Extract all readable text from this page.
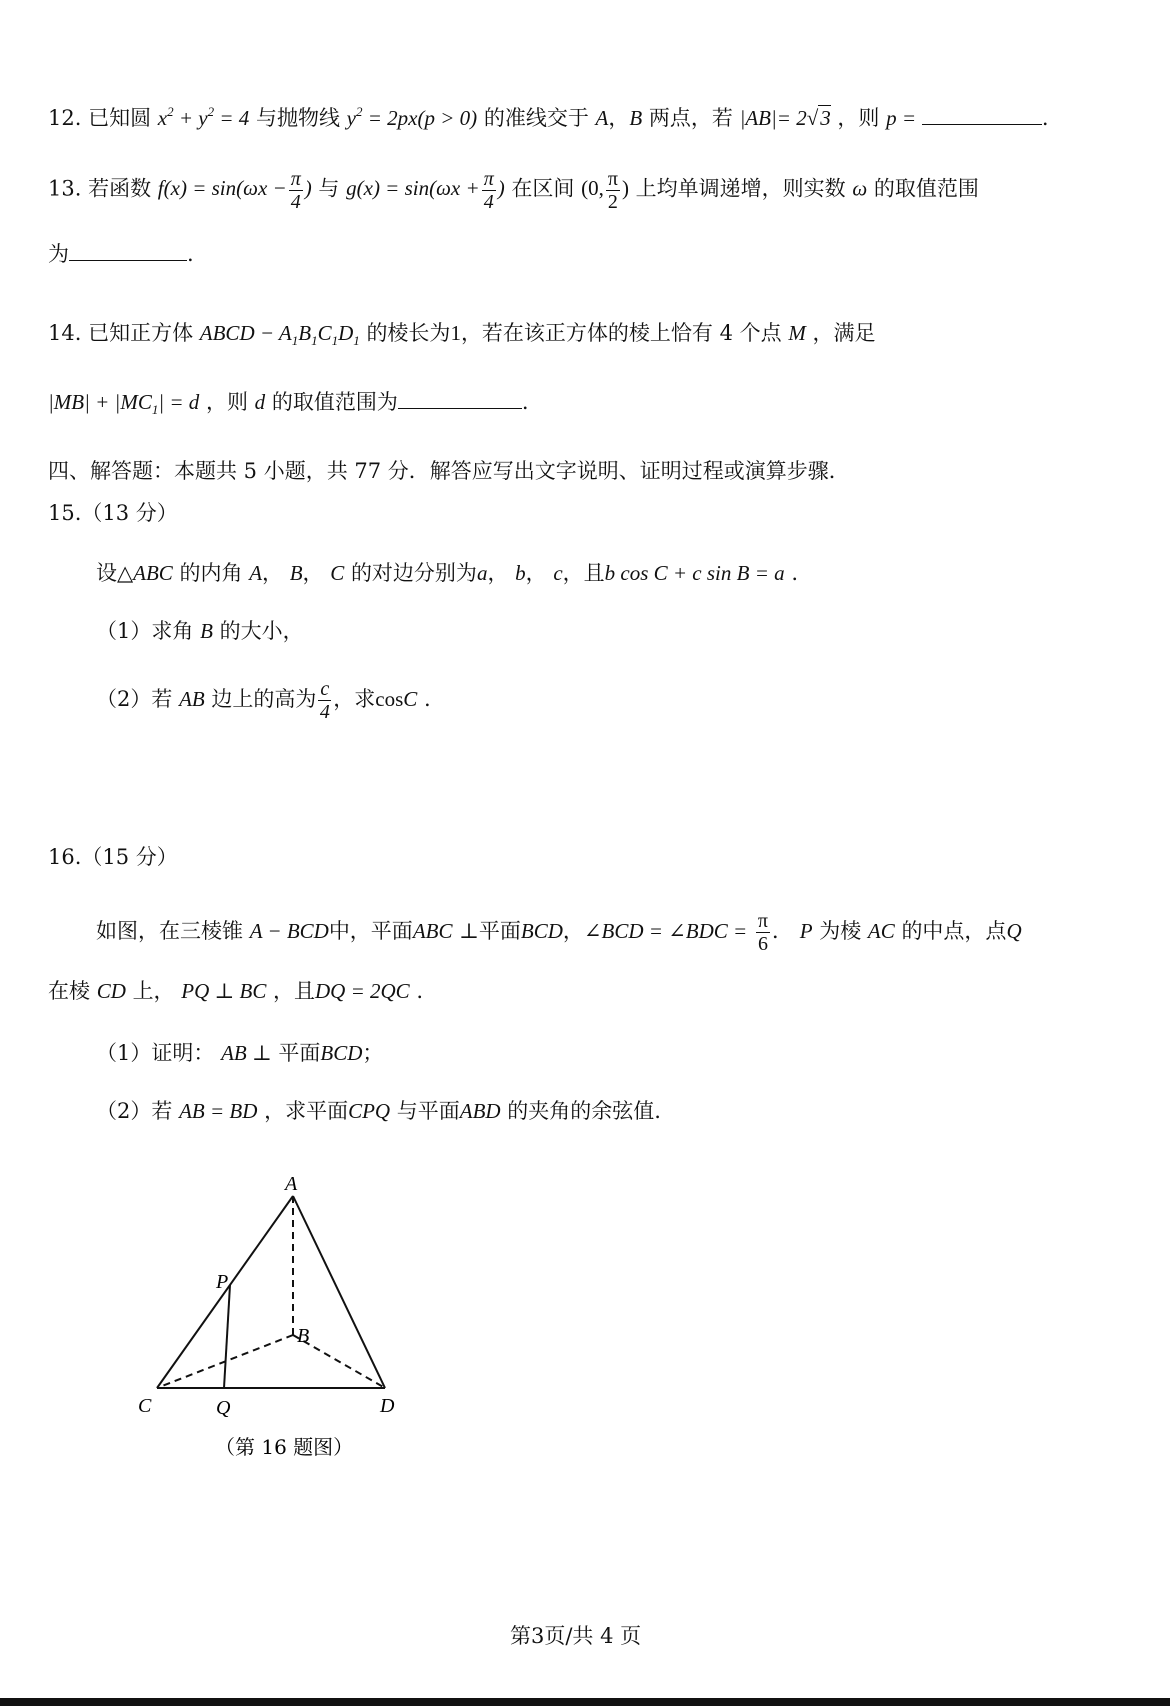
12. 已知圆 $x^2 + y^2 = 4$ 与抛物线 $y^2 = 2px(p > 0)$ 的准线交于 A，B 两点，若 |AB|= 2√3 ，则 p =	.
13. 若函数 $f(x) = \sin(\omega x - \frac{\pi}{4}$ ) 与 $g(x) = \sin(\omega x + \frac{\pi}{4}$ ) 在区间 (0, $\frac{\pi}{2}$ ) 上均单调递增，则实数 ω 的取值范围
为	.
14. 已知正方体 ABCD − $A_1B_1C_1D_1$ 的棱长为1，若在该正方体的棱上恰有 4 个点 M ，满足
$|MB| + |MC_1| = d$ ，则 d 的取值范围为	.
四、解答题：本题共 5 小题，共 77 分．解答应写出文字说明、证明过程或演算步骤．
15.（13 分）
设△ABC 的内角 A， B， C 的对边分别为a， b， c，且b cos C + c sin B = a .
（1）求角 B 的大小，
（2）若 AB 边上的高为 $\frac{c}{4}$ ，求cosC .
16.（15 分）
如图，在三棱锥 A − BCD中，平面ABC ⊥平面BCD，∠BCD = ∠BDC = $\frac{\pi}{6}$ ． P 为棱 AC 的中点，点Q
在棱 CD 上， PQ ⊥ BC ，且DQ = 2QC .
（1）证明： AB ⊥ 平面BCD；
（2）若 AB = BD ，求平面CPQ 与平面ABD 的夹角的余弦值.
A
P
B
C	Q	D
（第 16 题图）
第3页/共 4 页
